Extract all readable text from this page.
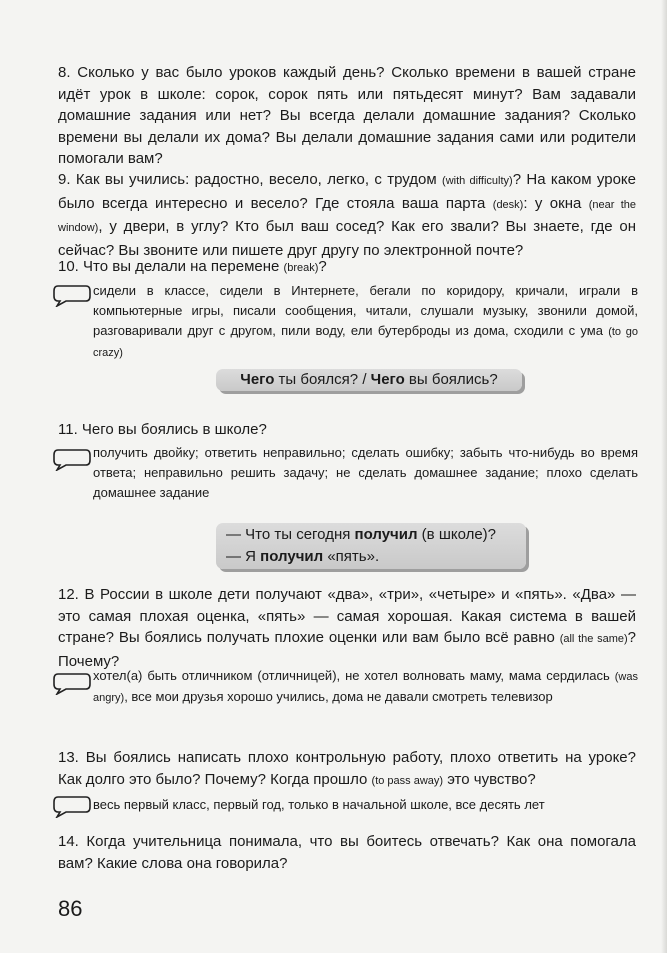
8. Сколько у вас было уроков каждый день? Сколько времени в вашей стране идёт урок в школе: сорок, сорок пять или пятьдесят минут? Вам задавали домашние задания или нет? Вы всегда делали домашние задания? Сколько времени вы делали их дома? Вы делали домашние задания сами или родители помогали вам?

9. Как вы учились: радостно, весело, легко, с трудом (with difficulty)? На каком уроке было всегда интересно и весело? Где стояла ваша парта (desk): у окна (near the window), у двери, в углу? Кто был ваш сосед? Как его звали? Вы знаете, где он сейчас? Вы звоните или пишете друг другу по электронной почте?

10. Что вы делали на перемене (break)?

сидели в классе, сидели в Интернете, бегали по коридору, кричали, играли в компьютерные игры, писали сообщения, читали, слушали музыку, звонили домой, разговаривали друг с другом, пили воду, ели бутерброды из дома, сходили с ума (to go crazy)

Чего ты боялся? / Чего вы боялись?

11. Чего вы боялись в школе?

получить двойку; ответить неправильно; сделать ошибку; забыть что-нибудь во время ответа; неправильно решить задачу; не сделать домашнее задание; плохо сделать домашнее задание

— Что ты сегодня получил (в школе)?
— Я получил «пять».

12. В России в школе дети получают «два», «три», «четыре» и «пять». «Два» — это самая плохая оценка, «пять» — самая хорошая. Какая система в вашей стране? Вы боялись получать плохие оценки или вам было всё равно (all the same)? Почему?

хотел(а) быть отличником (отличницей), не хотел волновать маму, мама сердилась (was angry), все мои друзья хорошо учились, дома не давали смотреть телевизор

13. Вы боялись написать плохо контрольную работу, плохо ответить на уроке? Как долго это было? Почему? Когда прошло (to pass away) это чувство?

весь первый класс, первый год, только в начальной школе, все десять лет

14. Когда учительница понимала, что вы боитесь отвечать? Как она помогала вам? Какие слова она говорила?

86
